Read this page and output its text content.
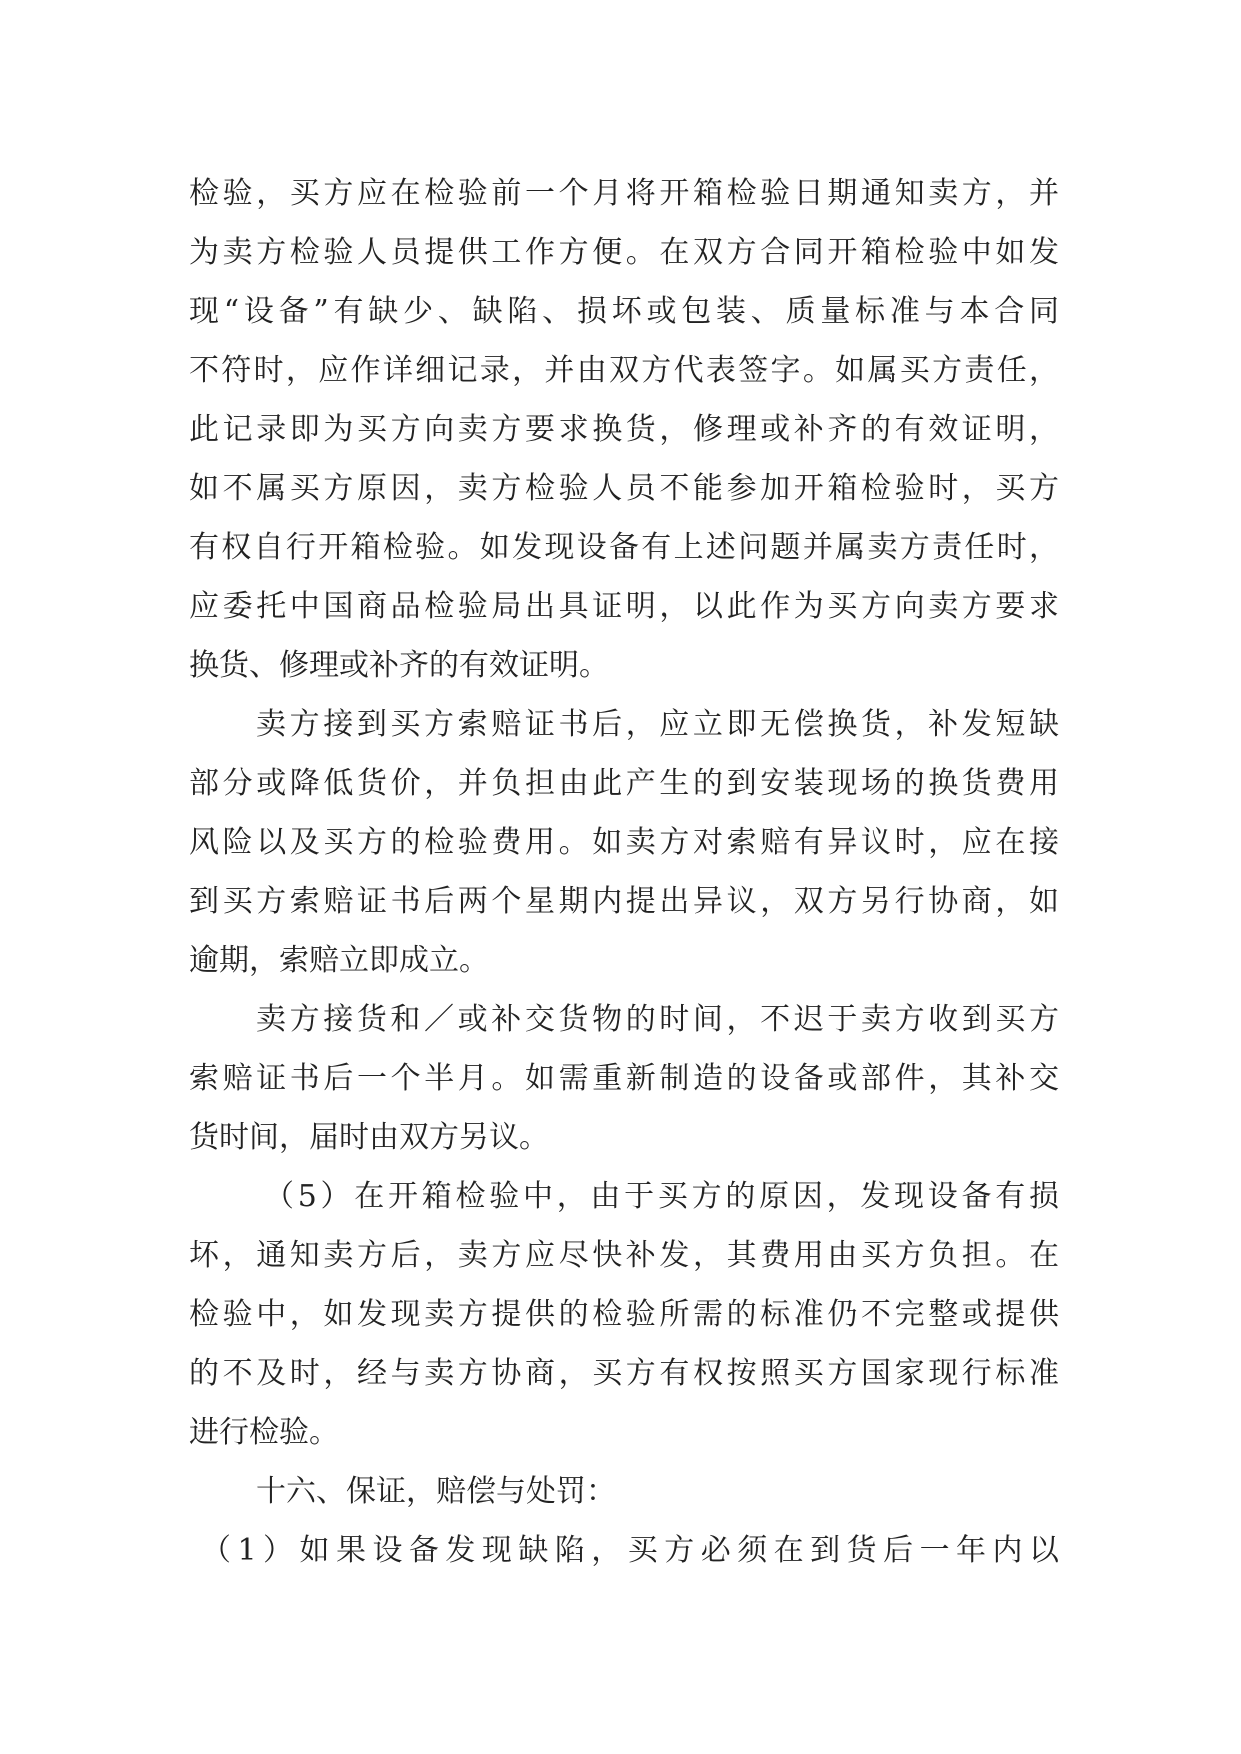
检验，买方应在检验前一个月将开箱检验日期通知卖方，并
为卖方检验人员提供工作方便。在双方合同开箱检验中如发
现“设备”有缺少、缺陷、损坏或包装、质量标准与本合同
不符时，应作详细记录，并由双方代表签字。如属买方责任，
此记录即为买方向卖方要求换货，修理或补齐的有效证明，
如不属买方原因，卖方检验人员不能参加开箱检验时，买方
有权自行开箱检验。如发现设备有上述问题并属卖方责任时，
应委托中国商品检验局出具证明，以此作为买方向卖方要求
换货、修理或补齐的有效证明。
卖方接到买方索赔证书后，应立即无偿换货，补发短缺
部分或降低货价，并负担由此产生的到安装现场的换货费用
风险以及买方的检验费用。如卖方对索赔有异议时，应在接
到买方索赔证书后两个星期内提出异议，双方另行协商，如
逾期，索赔立即成立。
卖方接货和／或补交货物的时间，不迟于卖方收到买方
索赔证书后一个半月。如需重新制造的设备或部件，其补交
货时间，届时由双方另议。
（5）在开箱检验中，由于买方的原因，发现设备有损
坏，通知卖方后，卖方应尽快补发，其费用由买方负担。在
检验中，如发现卖方提供的检验所需的标准仍不完整或提供
的不及时，经与卖方协商，买方有权按照买方国家现行标准
进行检验。
十六、保证，赔偿与处罚：
（1）如果设备发现缺陷，买方必须在到货后一年内以
